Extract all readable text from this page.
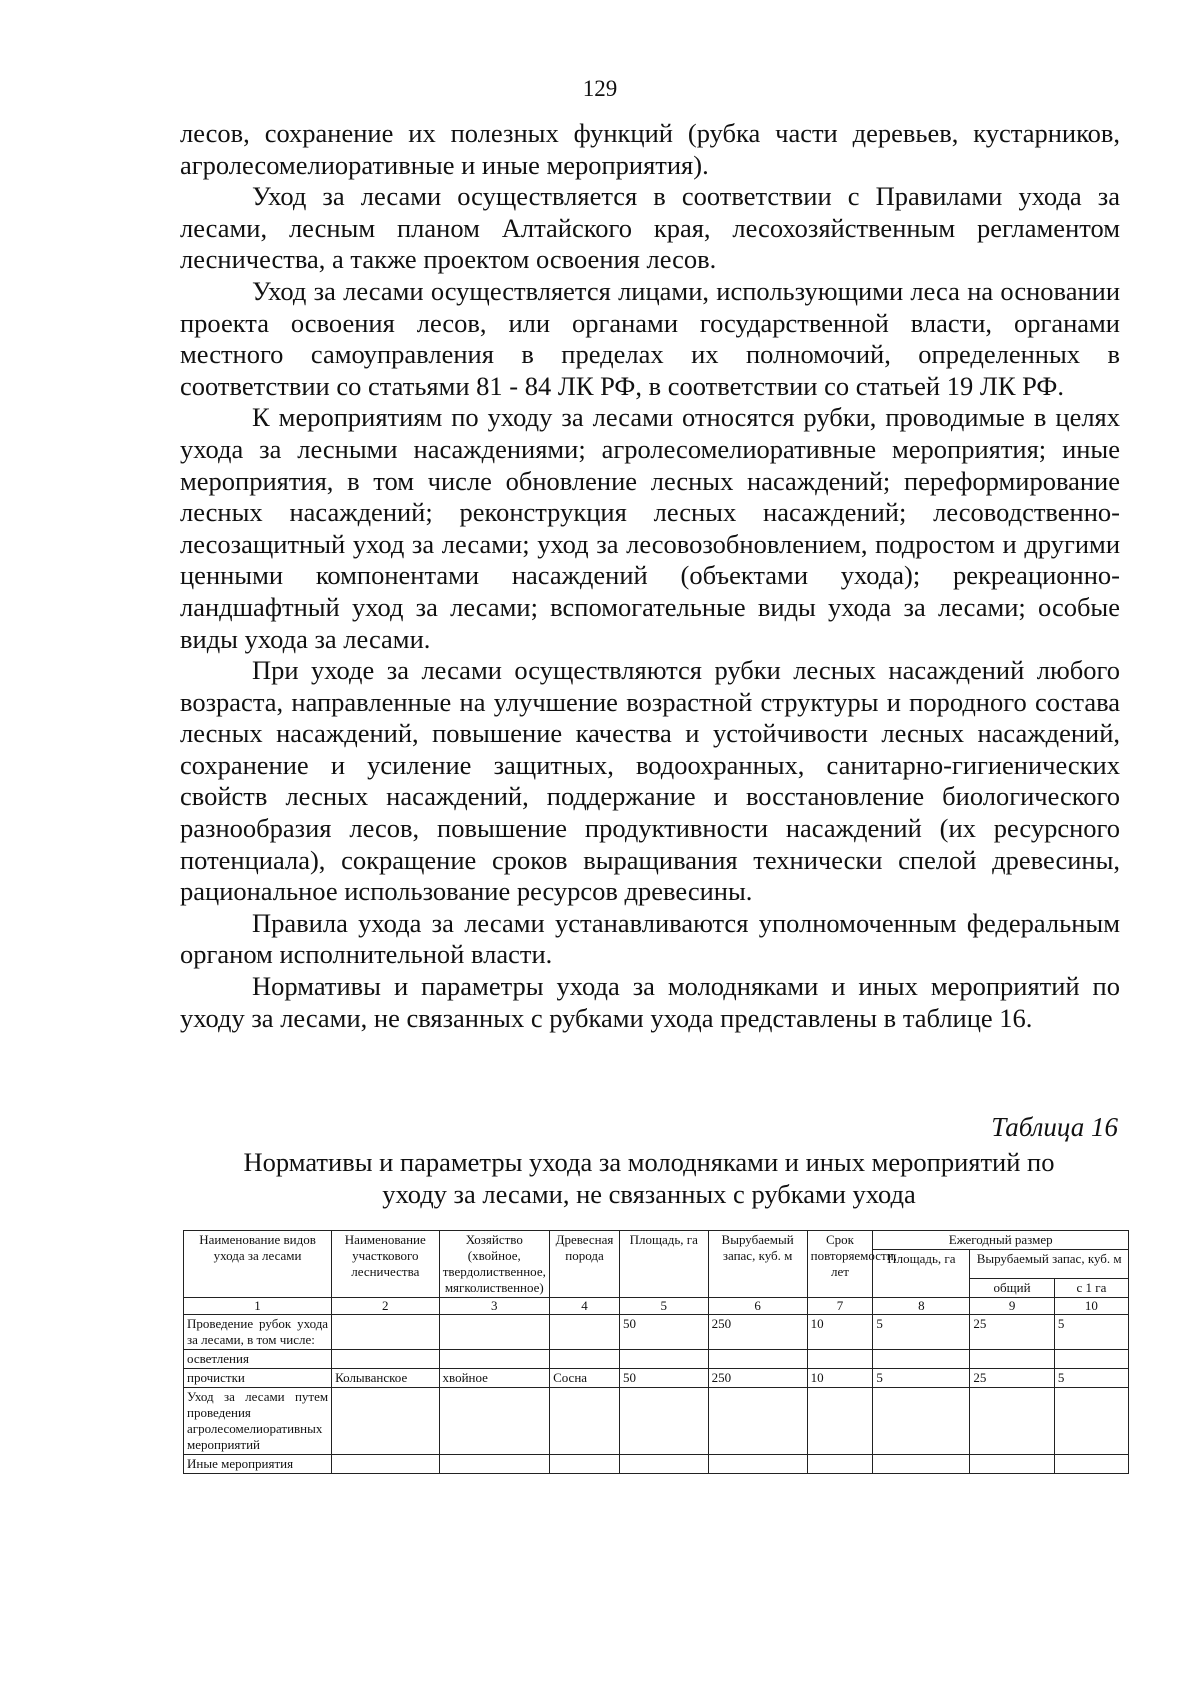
129

лесов, сохранение их полезных функций (рубка части деревьев, кустарников, агролесомелиоративные и иные мероприятия).

Уход за лесами осуществляется в соответствии с Правилами ухода за лесами, лесным планом Алтайского края, лесохозяйственным регламентом лесничества, а также проектом освоения лесов.

Уход за лесами осуществляется лицами, использующими леса на основании проекта освоения лесов, или органами государственной власти, органами местного самоуправления в пределах их полномочий, определенных в соответствии со статьями 81 - 84 ЛК РФ, в соответствии со статьей 19 ЛК РФ.

К мероприятиям по уходу за лесами относятся рубки, проводимые в целях ухода за лесными насаждениями; агролесомелиоративные мероприятия; иные мероприятия, в том числе обновление лесных насаждений; переформирование лесных насаждений; реконструкция лесных насаждений; лесоводственно-лесозащитный уход за лесами; уход за лесовозобновлением, подростом и другими ценными компонентами насаждений (объектами ухода); рекреационно-ландшафтный уход за лесами; вспомогательные виды ухода за лесами; особые виды ухода за лесами.

При уходе за лесами осуществляются рубки лесных насаждений любого возраста, направленные на улучшение возрастной структуры и породного состава лесных насаждений, повышение качества и устойчивости лесных насаждений, сохранение и усиление защитных, водоохранных, санитарно-гигиенических свойств лесных насаждений, поддержание и восстановление биологического разнообразия лесов, повышение продуктивности насаждений (их ресурсного потенциала), сокращение сроков выращивания технически спелой древесины, рациональное использование ресурсов древесины.

Правила ухода за лесами устанавливаются уполномоченным федеральным органом исполнительной власти.

Нормативы и параметры ухода за молодняками и иных мероприятий по уходу за лесами, не связанных с рубками ухода представлены в таблице 16.

Таблица 16
Нормативы и параметры ухода за молодняками и иных мероприятий по
уходу за лесами, не связанных с рубками ухода
Наименование видов ухода за лесами	Наименование участкового лесничества	Хозяйство (хвойное, твердолиственное, мягколиственное)	Древесная порода	Площадь, га	Вырубаемый запас, куб. м	Срок повторяемости, лет	Ежегодный размер		
							Площадь, га	Вырубаемый запас, куб. м	
								общий	с 1 га
1	2	3	4	5	6	7	8	9	10
Проведение рубок ухода за лесами, в том числе:				50	250	10	5	25	5
осветления									
прочистки	Колыванское	хвойное	Сосна	50	250	10	5	25	5
Уход за лесами путем проведения агролесомелиоративных мероприятий									
Иные мероприятия									
